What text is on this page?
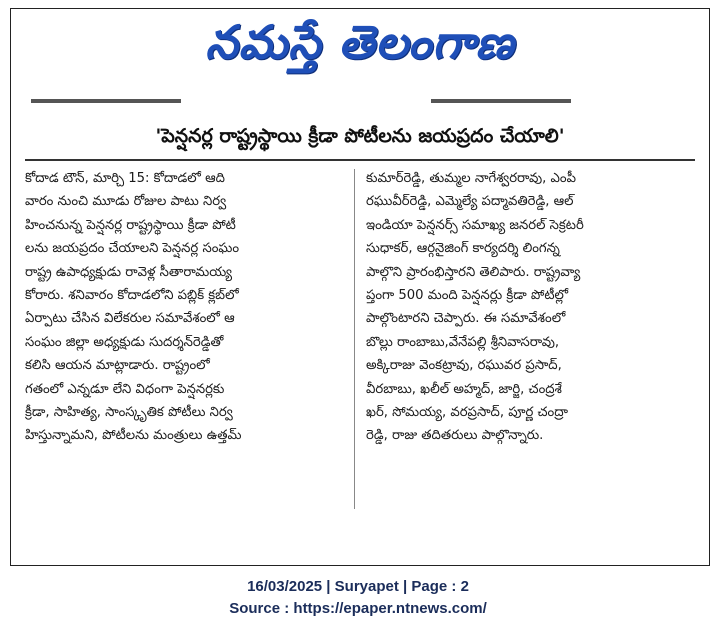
నమస్తే తెలంగాణ
'పెన్షనర్ల రాష్ట్రస్థాయి క్రీడా పోటీలను జయప్రదం చేయాలి'
కోదాడ టౌన్, మార్చి 15: కోదాడలో ఆది
వారం నుంచి మూడు రోజుల పాటు నిర్వ
హించనున్న పెన్షనర్ల రాష్ట్రస్థాయి క్రీడా పోటీ
లను జయప్రదం చేయాలని పెన్షనర్ల సంఘం
రాష్ట్ర ఉపాధ్యక్షుడు రావెళ్ల సీతారామయ్య
కోరారు. శనివారం కోదాడలోని పబ్లిక్ క్లబ్‌లో
ఏర్పాటు చేసిన విలేకరుల సమావేశంలో ఆ
సంఘం జిల్లా అధ్యక్షుడు సుదర్శన్‌రెడ్డితో
కలిసి ఆయన మాట్లాడారు. రాష్ట్రంలో
గతంలో ఎన్నడూ లేని విధంగా పెన్షనర్లకు
క్రీడా, సాహిత్య, సాంస్కృతిక పోటీలు నిర్వ
హిస్తున్నామని, పోటీలను మంత్రులు ఉత్తమ్
కుమార్‌రెడ్డి, తుమ్మల నాగేశ్వరరావు, ఎంపీ
రఘువీర్‌రెడ్డి, ఎమ్మెల్యే పద్మావతిరెడ్డి, ఆల్
ఇండియా పెన్షనర్స్ సమాఖ్య జనరల్ సెక్రటరీ
సుధాకర్, ఆర్గనైజింగ్ కార్యదర్శి లింగన్న
పాల్గొని ప్రారంభిస్తారని తెలిపారు. రాష్ట్రవ్యా
ప్తంగా 500 మంది పెన్షనర్లు క్రీడా పోటీల్లో
పాల్గొంటారని చెప్పారు. ఈ సమావేశంలో
బొల్లు రాంబాబు,వేనేపల్లి శ్రీనివాసరావు,
అక్కిరాజు వెంకట్రావు, రఘువర ప్రసాద్,
వీరబాబు, ఖలీల్ అహ్మద్, జార్జి, చంద్రశే
ఖర్, సోమయ్య, వరప్రసాద్, పూర్ణ చంద్రా
రెడ్డి, రాజు తదితరులు పాల్గొన్నారు.
16/03/2025 | Suryapet | Page : 2
Source : https://epaper.ntnews.com/
